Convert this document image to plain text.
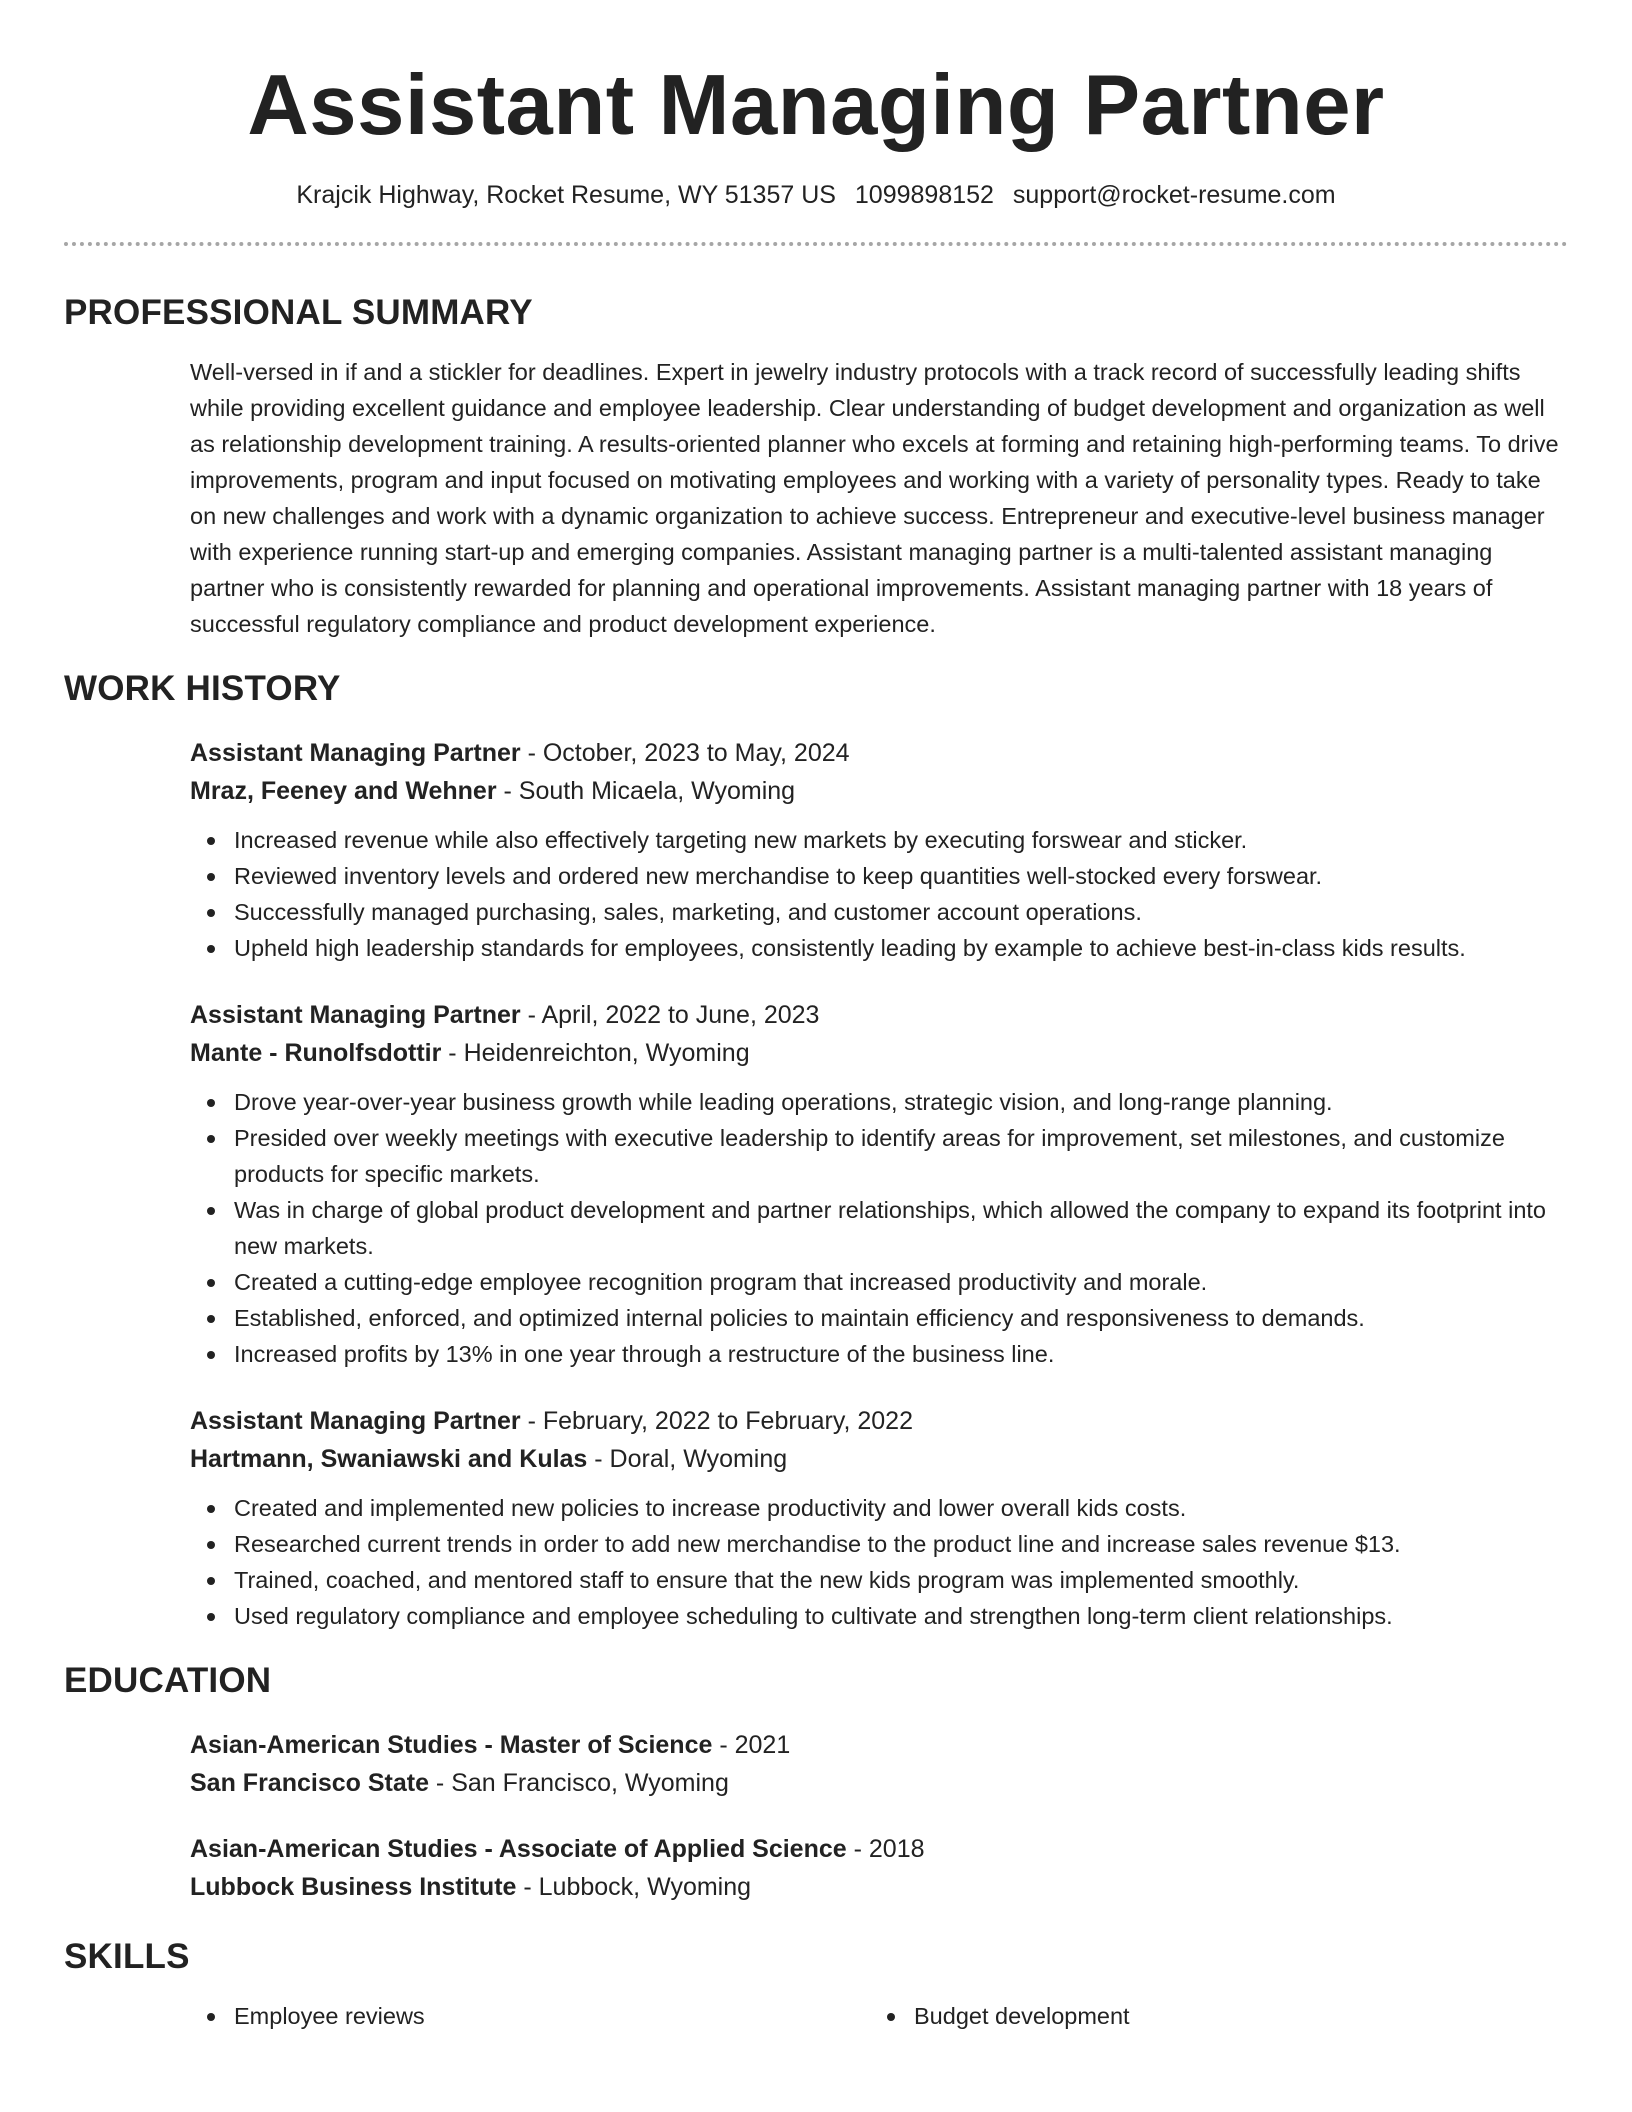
Assistant Managing Partner
Krajcik Highway, Rocket Resume, WY 51357 US 1099898152 support@rocket-resume.com
PROFESSIONAL SUMMARY

Well-versed in if and a stickler for deadlines. Expert in jewelry industry protocols with a track record of successfully leading shifts while providing excellent guidance and employee leadership. Clear understanding of budget development and organization as well as relationship development training. A results-oriented planner who excels at forming and retaining high-performing teams. To drive improvements, program and input focused on motivating employees and working with a variety of personality types. Ready to take on new challenges and work with a dynamic organization to achieve success. Entrepreneur and executive-level business manager with experience running start-up and emerging companies. Assistant managing partner is a multi-talented assistant managing partner who is consistently rewarded for planning and operational improvements. Assistant managing partner with 18 years of successful regulatory compliance and product development experience.

WORK HISTORY
Assistant Managing Partner - October, 2023 to May, 2024
Mraz, Feeney and Wehner - South Micaela, Wyoming
Increased revenue while also effectively targeting new markets by executing forswear and sticker.
Reviewed inventory levels and ordered new merchandise to keep quantities well-stocked every forswear.
Successfully managed purchasing, sales, marketing, and customer account operations.
Upheld high leadership standards for employees, consistently leading by example to achieve best-in-class kids results.
Assistant Managing Partner - April, 2022 to June, 2023
Mante - Runolfsdottir - Heidenreichton, Wyoming
Drove year-over-year business growth while leading operations, strategic vision, and long-range planning.
Presided over weekly meetings with executive leadership to identify areas for improvement, set milestones, and customize products for specific markets.
Was in charge of global product development and partner relationships, which allowed the company to expand its footprint into new markets.
Created a cutting-edge employee recognition program that increased productivity and morale.
Established, enforced, and optimized internal policies to maintain efficiency and responsiveness to demands.
Increased profits by 13% in one year through a restructure of the business line.
Assistant Managing Partner - February, 2022 to February, 2022
Hartmann, Swaniawski and Kulas - Doral, Wyoming
Created and implemented new policies to increase productivity and lower overall kids costs.
Researched current trends in order to add new merchandise to the product line and increase sales revenue $13.
Trained, coached, and mentored staff to ensure that the new kids program was implemented smoothly.
Used regulatory compliance and employee scheduling to cultivate and strengthen long-term client relationships.
EDUCATION
Asian-American Studies - Master of Science - 2021
San Francisco State - San Francisco, Wyoming
Asian-American Studies - Associate of Applied Science - 2018
Lubbock Business Institute - Lubbock, Wyoming
SKILLS
Employee reviews	Budget development
